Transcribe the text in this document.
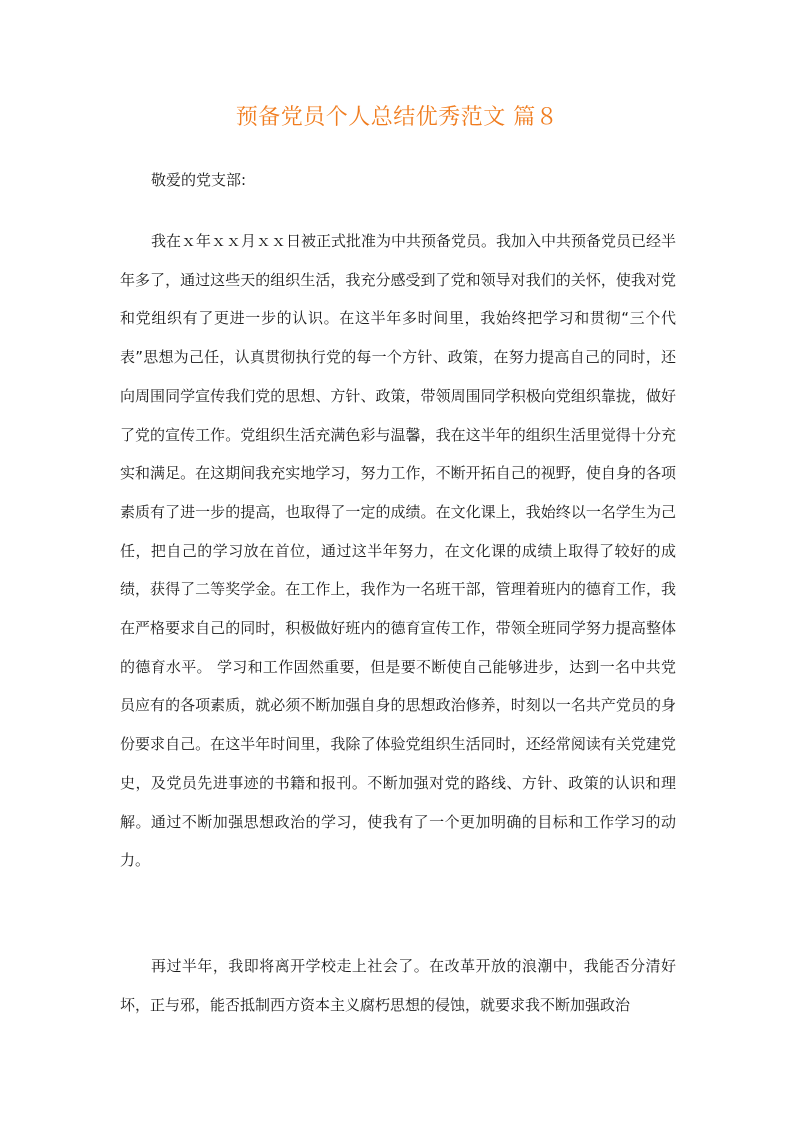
预备党员个人总结优秀范文 篇８
敬爱的党支部:

我在ｘ年ｘｘ月ｘｘ日被正式批准为中共预备党员。我加入中共预备党员已经半年多了，通过这些天的组织生活，我充分感受到了党和领导对我们的关怀，使我对党和党组织有了更进一步的认识。在这半年多时间里，我始终把学习和贯彻“三个代表”思想为己任，认真贯彻执行党的每一个方针、政策，在努力提高自己的同时，还向周围同学宣传我们党的思想、方针、政策，带领周围同学积极向党组织靠拢，做好了党的宣传工作。党组织生活充满色彩与温馨，我在这半年的组织生活里觉得十分充实和满足。在这期间我充实地学习，努力工作，不断开拓自己的视野，使自身的各项素质有了进一步的提高，也取得了一定的成绩。在文化课上，我始终以一名学生为己任，把自己的学习放在首位，通过这半年努力，在文化课的成绩上取得了较好的成绩，获得了二等奖学金。在工作上，我作为一名班干部，管理着班内的德育工作，我在严格要求自己的同时，积极做好班内的德育宣传工作，带领全班同学努力提高整体的德育水平。 学习和工作固然重要，但是要不断使自己能够进步，达到一名中共党员应有的各项素质，就必须不断加强自身的思想政治修养，时刻以一名共产党员的身份要求自己。在这半年时间里，我除了体验党组织生活同时，还经常阅读有关党建党史，及党员先进事迹的书籍和报刊。不断加强对党的路线、方针、政策的认识和理解。通过不断加强思想政治的学习，使我有了一个更加明确的目标和工作学习的动力。

再过半年，我即将离开学校走上社会了。在改革开放的浪潮中，我能否分清好坏，正与邪，能否抵制西方资本主义腐朽思想的侵蚀，就要求我不断加强政治
